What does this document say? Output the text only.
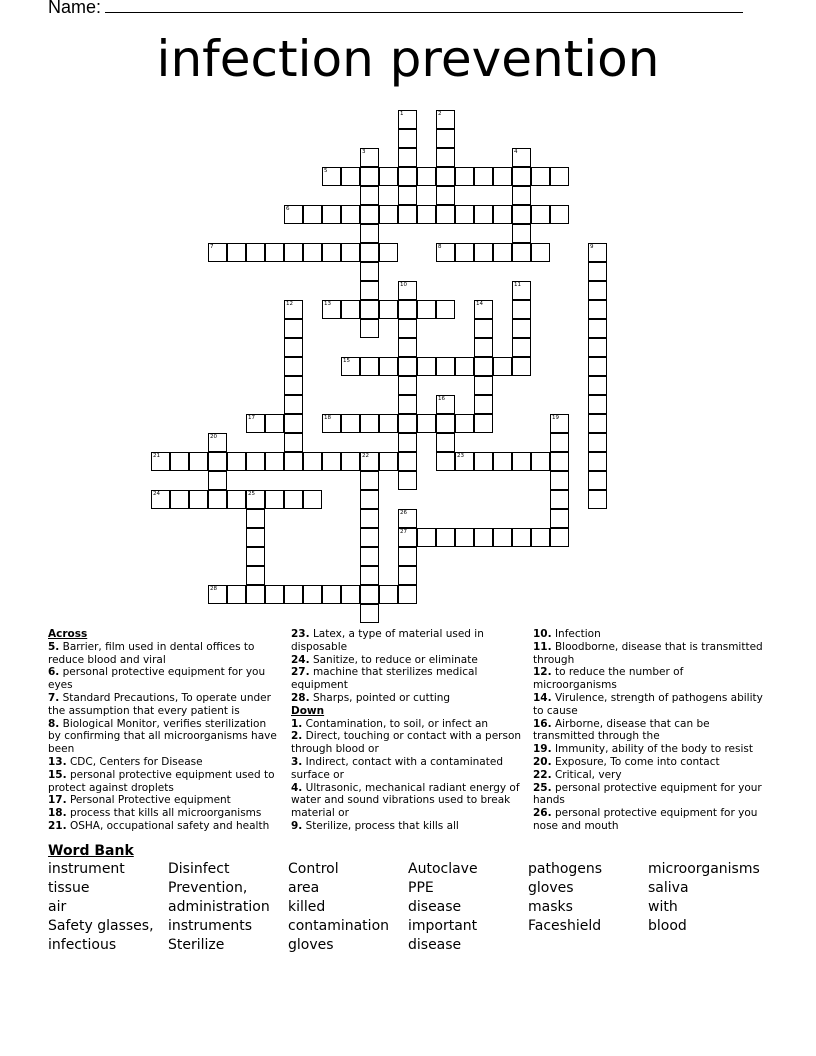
Name:
infection prevention
1	2
3	4
5
6
7	8	9
10	11
12	13	14
15
16
17	18	19
20
21	22	23
24	25
26
27
28
Across
5. Barrier, film used in dental offices to reduce blood and viral
6. personal protective equipment for you eyes
7. Standard Precautions, To operate under the assumption that every patient is
8. Biological Monitor, verifies sterilization by confirming that all microorganisms have been
13. CDC, Centers for Disease
15. personal protective equipment used to protect against droplets
17. Personal Protective equipment
18. process that kills all microorganisms
21. OSHA, occupational safety and health
23. Latex, a type of material used in disposable
24. Sanitize, to reduce or eliminate
27. machine that sterilizes medical equipment
28. Sharps, pointed or cutting
Down
1. Contamination, to soil, or infect an
2. Direct, touching or contact with a person through blood or
3. Indirect, contact with a contaminated surface or
4. Ultrasonic, mechanical radiant energy of water and sound vibrations used to break material or
9. Sterilize, process that kills all
10. Infection
11. Bloodborne, disease that is transmitted through
12. to reduce the number of microorganisms
14. Virulence, strength of pathogens ability to cause
16. Airborne, disease that can be transmitted through the
19. Immunity, ability of the body to resist
20. Exposure, To come into contact
22. Critical, very
25. personal protective equipment for your hands
26. personal protective equipment for you nose and mouth
Word Bank
instrument	Disinfect	Control	Autoclave	pathogens	microorganisms
tissue	Prevention,	area	PPE	gloves	saliva
air	administration	killed	disease	masks	with
Safety glasses,	instruments	contamination	important	Faceshield	blood
infectious	Sterilize	gloves	disease
